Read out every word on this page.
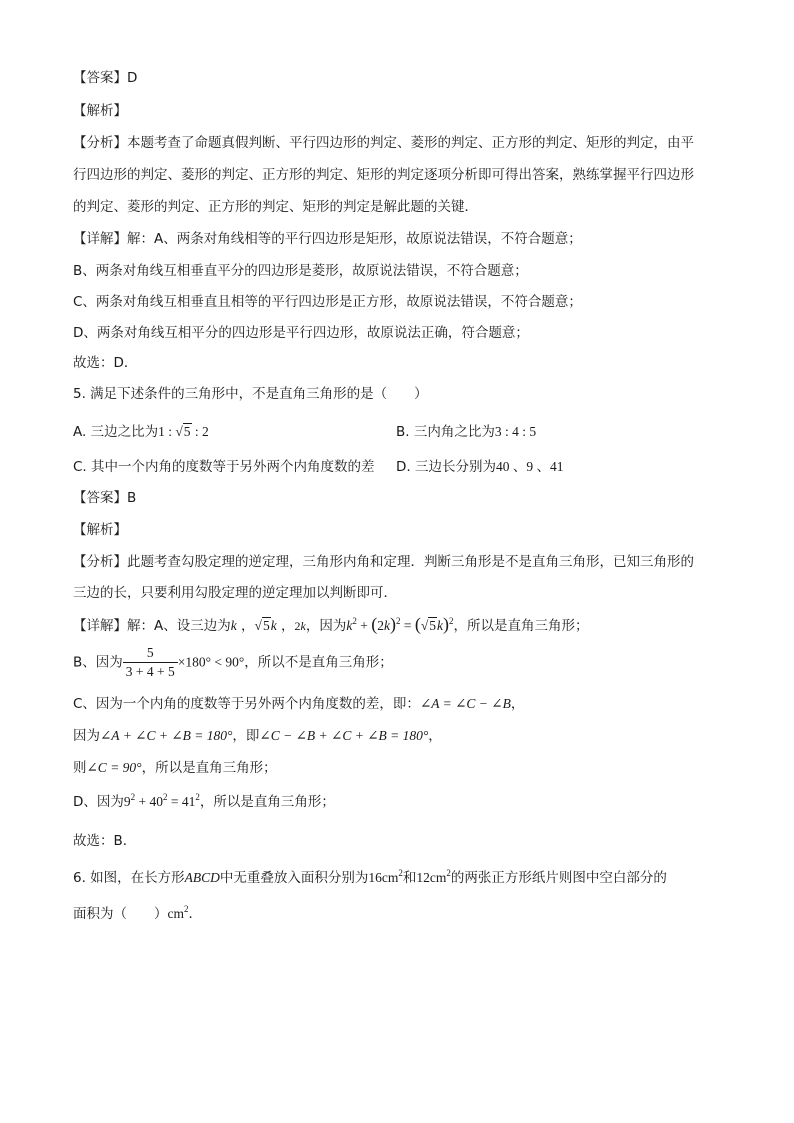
【答案】D
【解析】
【分析】本题考查了命题真假判断、平行四边形的判定、菱形的判定、正方形的判定、矩形的判定，由平
行四边形的判定、菱形的判定、正方形的判定、矩形的判定逐项分析即可得出答案，熟练掌握平行四边形
的判定、菱形的判定、正方形的判定、矩形的判定是解此题的关键．
【详解】解：A、两条对角线相等的平行四边形是矩形，故原说法错误，不符合题意；
B、两条对角线互相垂直平分的四边形是菱形，故原说法错误，不符合题意；
C、两条对角线互相垂直且相等的平行四边形是正方形，故原说法错误，不符合题意；
D、两条对角线互相平分的四边形是平行四边形，故原说法正确，符合题意；
故选：D．
5. 满足下述条件的三角形中，不是直角三角形的是（　　）
A. 三边之比为1 : √5 : 2	B. 三内角之比为3 : 4 : 5
C. 其中一个内角的度数等于另外两个内角度数的差 D. 三边长分别为40 、9 、41
【答案】B
【解析】
【分析】此题考查勾股定理的逆定理，三角形内角和定理．判断三角形是不是直角三角形，已知三角形的
三边的长，只要利用勾股定理的逆定理加以判断即可．
【详解】解：A、设三边为k ，√5k ，2k，因为$k^2 + (2k)^2 = (√5k)^2$，所以是直角三角形；
B、因为 $\frac{5}{3 + 4 + 5} \times 180^\circ < 90^\circ$，所以不是直角三角形；
C、因为一个内角的度数等于另外两个内角度数的差，即：∠A = ∠C − ∠B，
因为∠A + ∠C + ∠B = 180°，即∠C − ∠B + ∠C + ∠B = 180°，
则∠C = 90°，所以是直角三角形；
D、因为$9^2 + 40^2 = 41^2$，所以是直角三角形；
故选：B．
6. 如图，在长方形ABCD中无重叠放入面积分别为$16cm^2$和$12cm^2$的两张正方形纸片则图中空白部分的
面积为（　　）$cm^2$．
